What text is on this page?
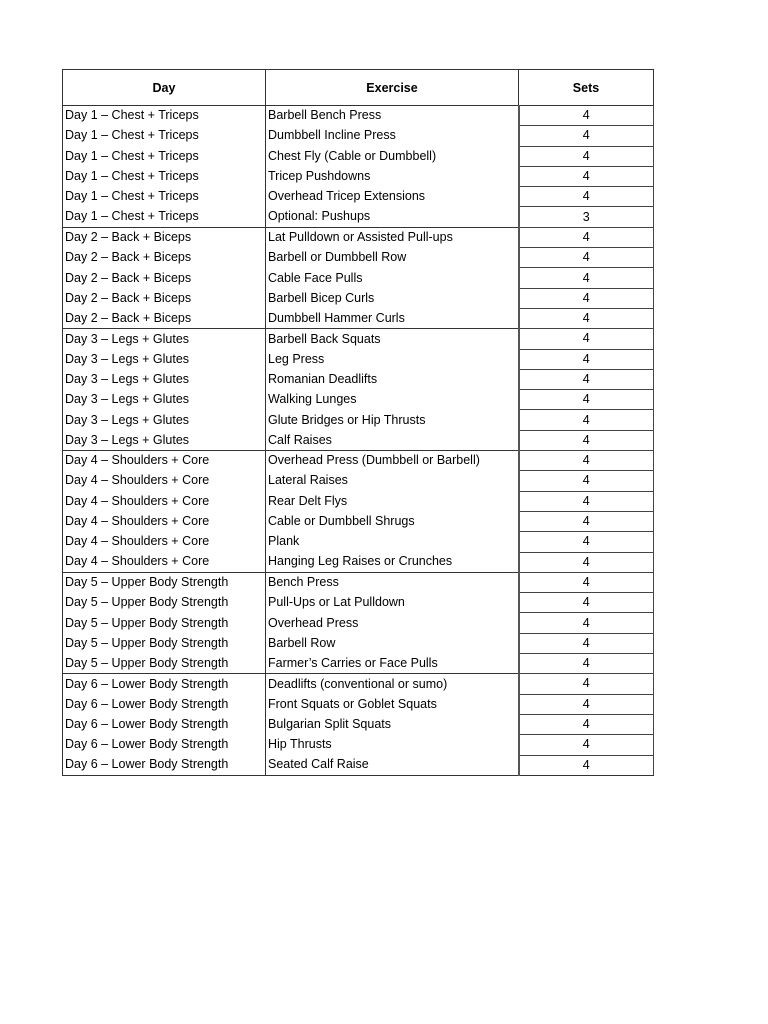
Day	Exercise	Sets
Day 1 – Chest + Triceps	Barbell Bench Press	4
Day 1 – Chest + Triceps	Dumbbell Incline Press	4
Day 1 – Chest + Triceps	Chest Fly (Cable or Dumbbell)	4
Day 1 – Chest + Triceps	Tricep Pushdowns	4
Day 1 – Chest + Triceps	Overhead Tricep Extensions	4
Day 1 – Chest + Triceps	Optional: Pushups	3
Day 2 – Back + Biceps	Lat Pulldown or Assisted Pull-ups	4
Day 2 – Back + Biceps	Barbell or Dumbbell Row	4
Day 2 – Back + Biceps	Cable Face Pulls	4
Day 2 – Back + Biceps	Barbell Bicep Curls	4
Day 2 – Back + Biceps	Dumbbell Hammer Curls	4
Day 3 – Legs + Glutes	Barbell Back Squats	4
Day 3 – Legs + Glutes	Leg Press	4
Day 3 – Legs + Glutes	Romanian Deadlifts	4
Day 3 – Legs + Glutes	Walking Lunges	4
Day 3 – Legs + Glutes	Glute Bridges or Hip Thrusts	4
Day 3 – Legs + Glutes	Calf Raises	4
Day 4 – Shoulders + Core	Overhead Press (Dumbbell or Barbell)	4
Day 4 – Shoulders + Core	Lateral Raises	4
Day 4 – Shoulders + Core	Rear Delt Flys	4
Day 4 – Shoulders + Core	Cable or Dumbbell Shrugs	4
Day 4 – Shoulders + Core	Plank	4
Day 4 – Shoulders + Core	Hanging Leg Raises or Crunches	4
Day 5 – Upper Body Strength	Bench Press	4
Day 5 – Upper Body Strength	Pull-Ups or Lat Pulldown	4
Day 5 – Upper Body Strength	Overhead Press	4
Day 5 – Upper Body Strength	Barbell Row	4
Day 5 – Upper Body Strength	Farmer’s Carries or Face Pulls	4
Day 6 – Lower Body Strength	Deadlifts (conventional or sumo)	4
Day 6 – Lower Body Strength	Front Squats or Goblet Squats	4
Day 6 – Lower Body Strength	Bulgarian Split Squats	4
Day 6 – Lower Body Strength	Hip Thrusts	4
Day 6 – Lower Body Strength	Seated Calf Raise	4
